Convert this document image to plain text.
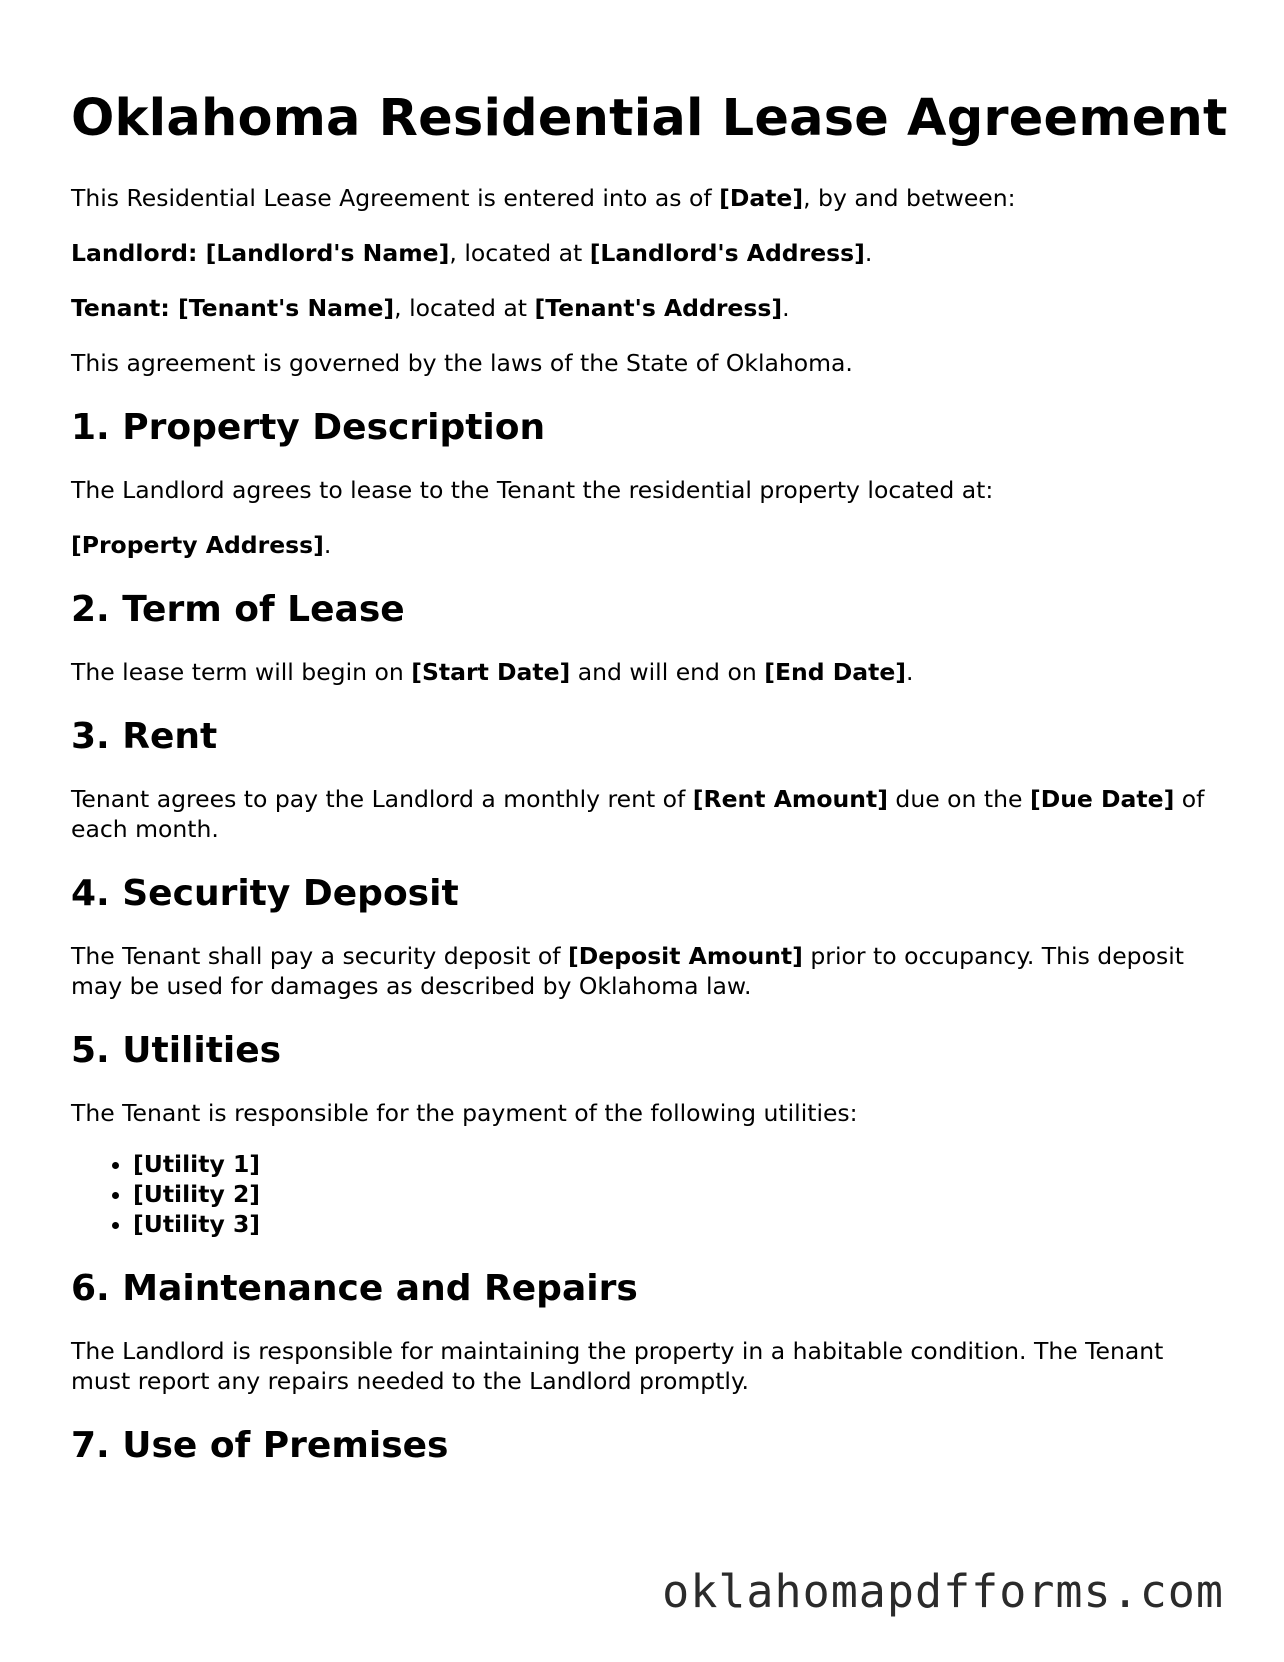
Oklahoma Residential Lease Agreement

This Residential Lease Agreement is entered into as of [Date], by and between:

Landlord: [Landlord's Name], located at [Landlord's Address].

Tenant: [Tenant's Name], located at [Tenant's Address].

This agreement is governed by the laws of the State of Oklahoma.

1. Property Description

The Landlord agrees to lease to the Tenant the residential property located at:

[Property Address].

2. Term of Lease

The lease term will begin on [Start Date] and will end on [End Date].

3. Rent

Tenant agrees to pay the Landlord a monthly rent of [Rent Amount] due on the [Due Date] of each month.

4. Security Deposit

The Tenant shall pay a security deposit of [Deposit Amount] prior to occupancy. This deposit may be used for damages as described by Oklahoma law.

5. Utilities

The Tenant is responsible for the payment of the following utilities:

• [Utility 1]
• [Utility 2]
• [Utility 3]
6. Maintenance and Repairs

The Landlord is responsible for maintaining the property in a habitable condition. The Tenant must report any repairs needed to the Landlord promptly.

7. Use of Premises
oklahomapdfforms.com
